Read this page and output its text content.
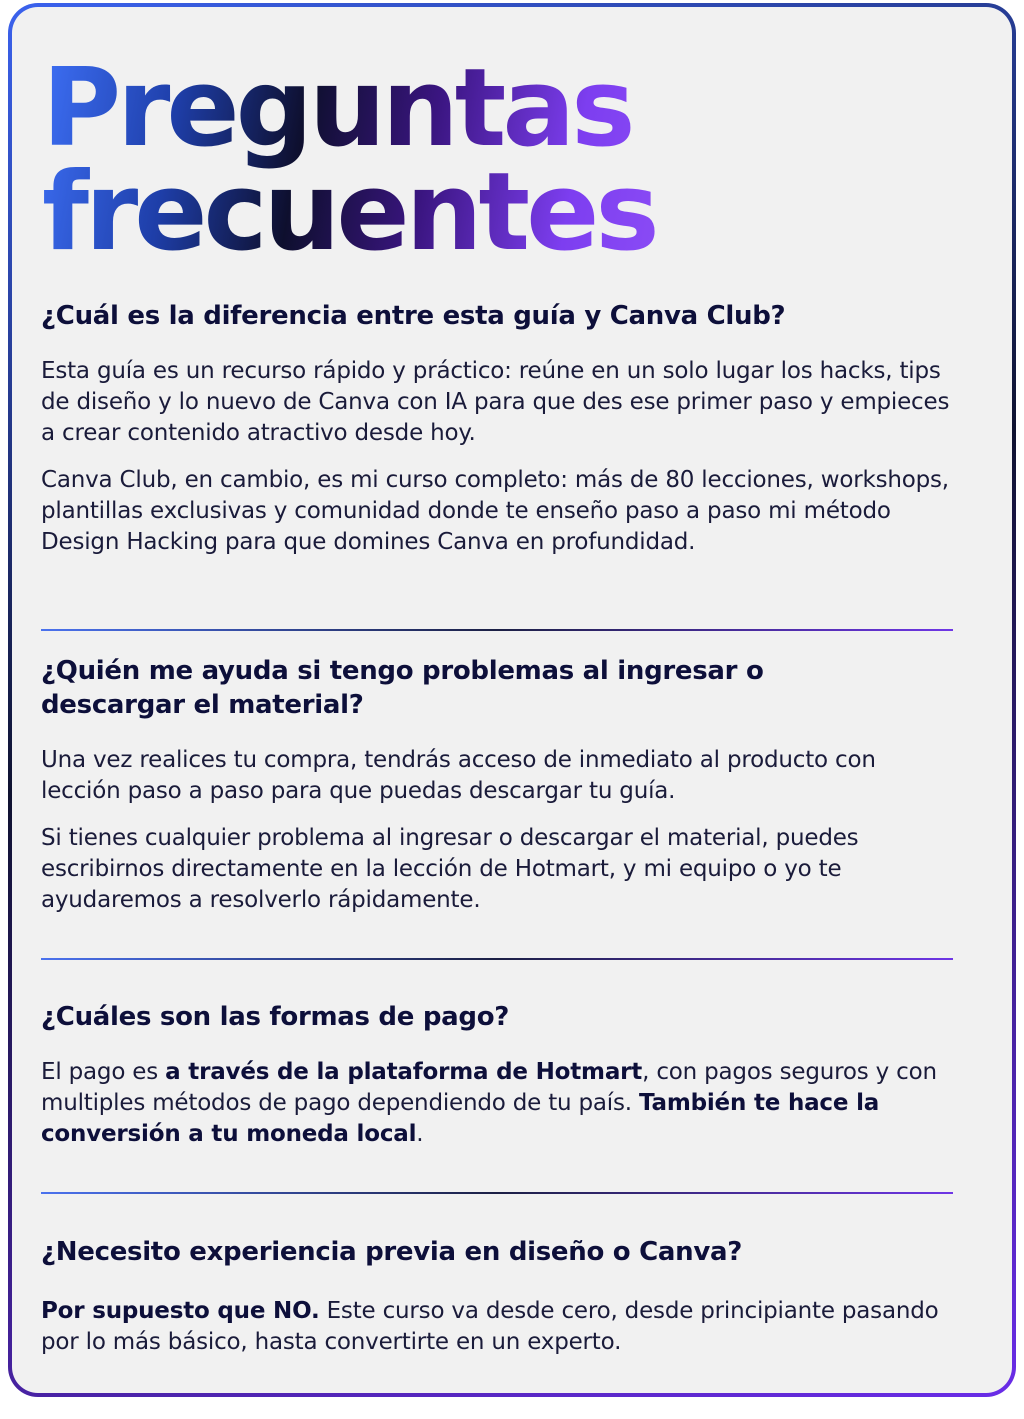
Preguntas
frecuentes

¿Cuál es la diferencia entre esta guía y Canva Club?

Esta guía es un recurso rápido y práctico: reúne en un solo lugar los hacks, tips de diseño y lo nuevo de Canva con IA para que des ese primer paso y empieces a crear contenido atractivo desde hoy.

Canva Club, en cambio, es mi curso completo: más de 80 lecciones, workshops, plantillas exclusivas y comunidad donde te enseño paso a paso mi método Design Hacking para que domines Canva en profundidad.

¿Quién me ayuda si tengo problemas al ingresar o descargar el material?

Una vez realices tu compra, tendrás acceso de inmediato al producto con lección paso a paso para que puedas descargar tu guía.

Si tienes cualquier problema al ingresar o descargar el material, puedes escribirnos directamente en la lección de Hotmart, y mi equipo o yo te ayudaremos a resolverlo rápidamente.

¿Cuáles son las formas de pago?

El pago es a través de la plataforma de Hotmart, con pagos seguros y con multiples métodos de pago dependiendo de tu país. También te hace la conversión a tu moneda local.

¿Necesito experiencia previa en diseño o Canva?

Por supuesto que NO. Este curso va desde cero, desde principiante pasando por lo más básico, hasta convertirte en un experto.
